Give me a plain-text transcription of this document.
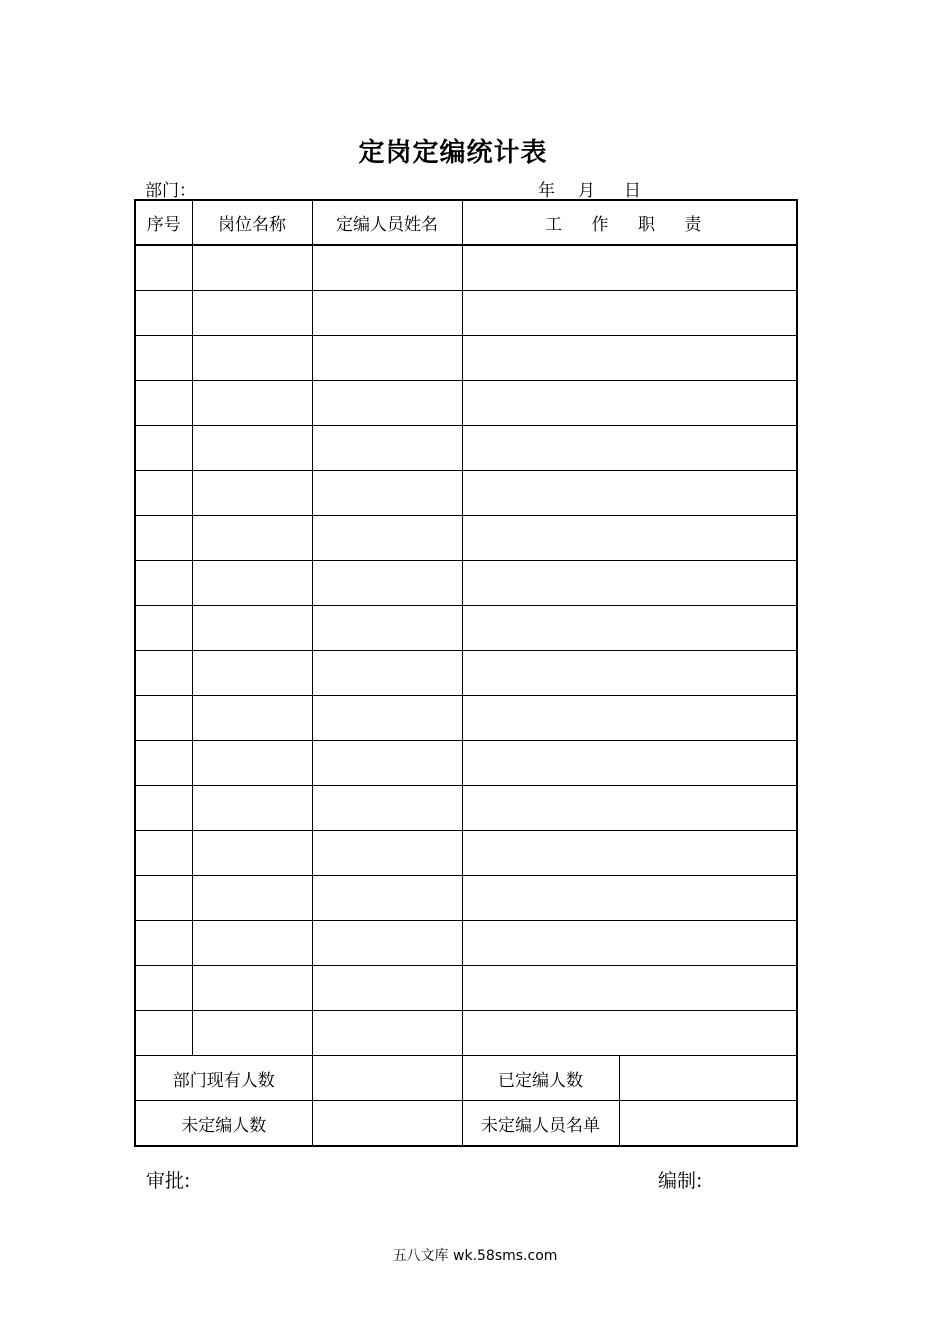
定岗定编统计表
部门：	年 月 日
序号	岗位名称	定编人员姓名	工 作 职 责	

部门现有人数			已定编人数	
未定编人数			未定编人员名单	
审批:	编制:
五八文库 wk.58sms.com
